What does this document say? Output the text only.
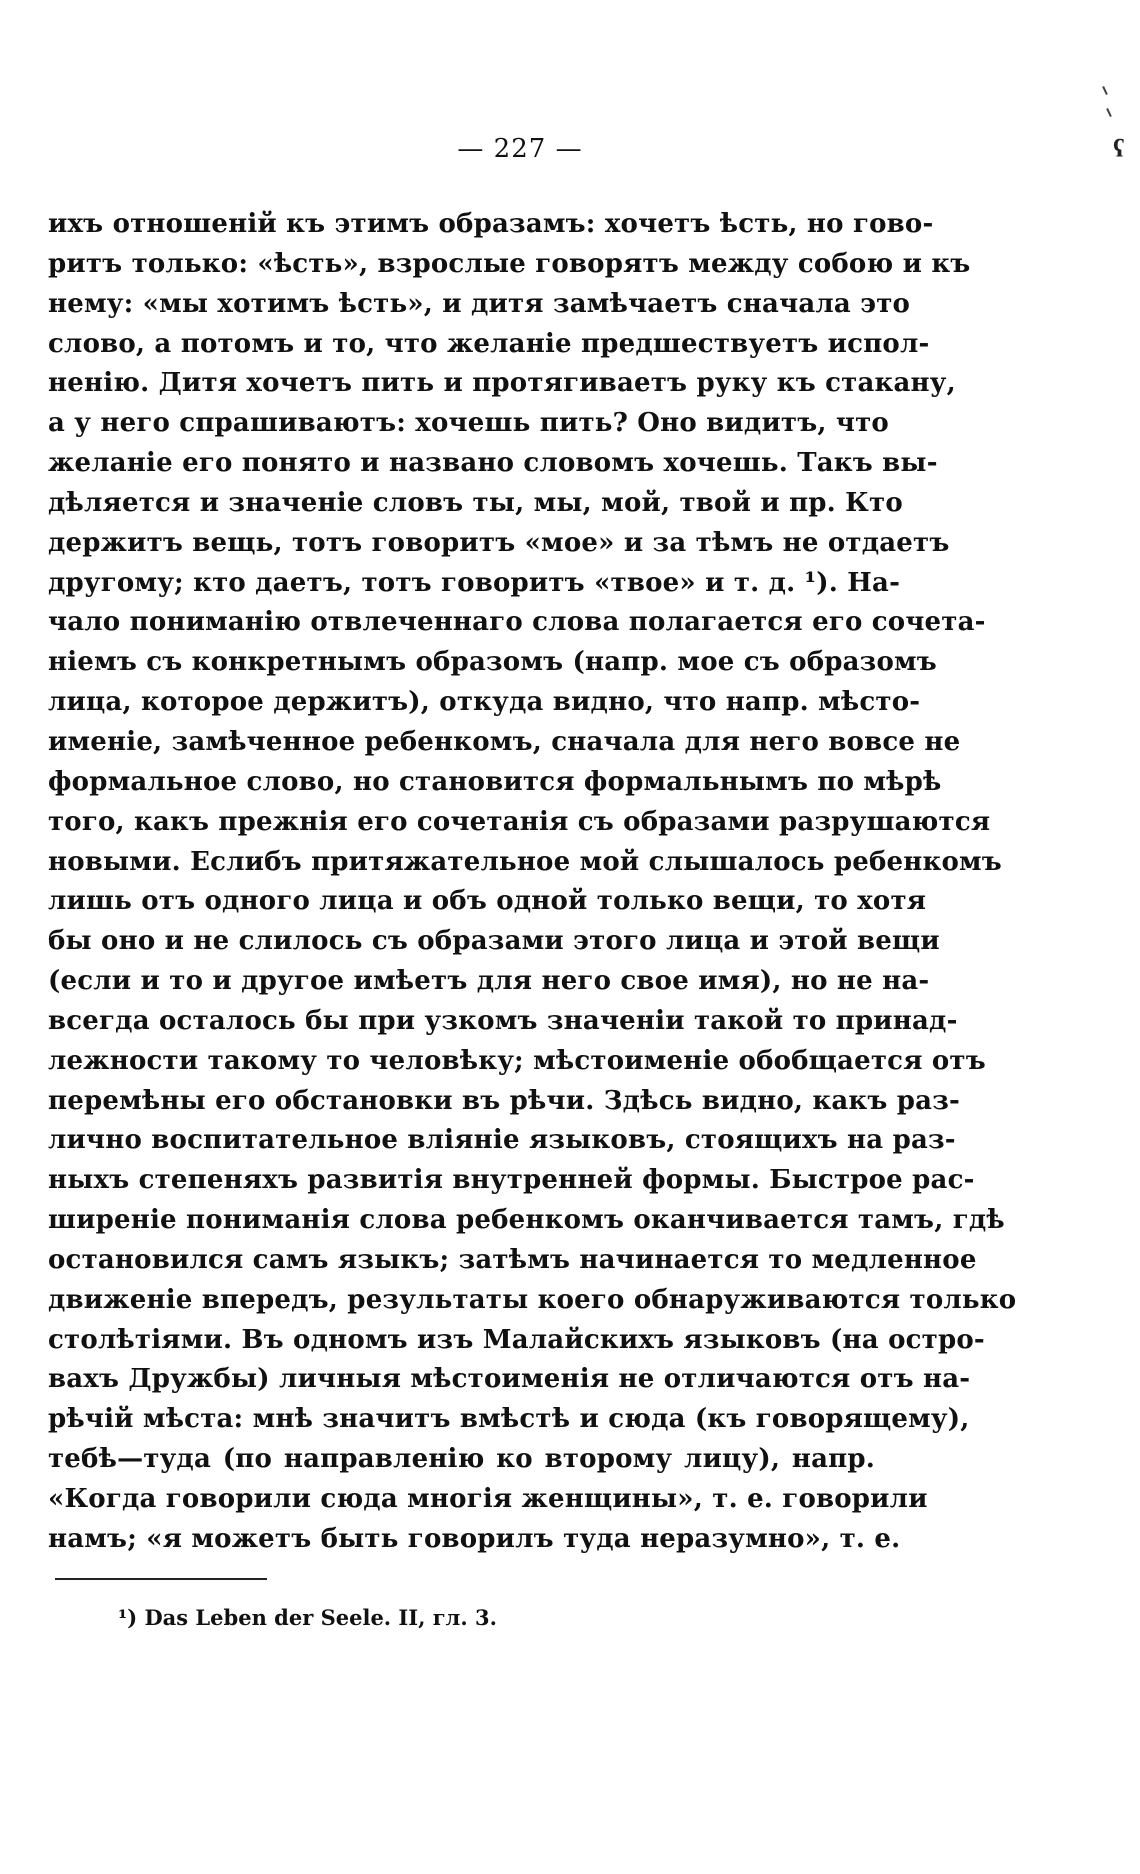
— 227 —	ҁ
ихъ отношенiй къ этимъ образамъ: хочетъ ѣсть, но гово-
ритъ только: «ѣсть», взрослые говорятъ между собою и къ
нему: «мы хотимъ ѣсть», и дитя замѣчаетъ сначала это
слово, а потомъ и то, что желанiе предшествуетъ испол-
ненiю. Дитя хочетъ пить и протягиваетъ руку къ стакану,
а у него спрашиваютъ: хочешь пить? Оно видитъ, что
желанiе его понято и названо словомъ хочешь. Такъ вы-
дѣляется и значенiе словъ ты, мы, мой, твой и пр. Кто
держитъ вещь, тотъ говоритъ «мое» и за тѣмъ не отдаетъ
другому; кто даетъ, тотъ говоритъ «твое» и т. д. ¹). На-
чало пониманiю отвлеченнаго слова полагается его сочета-
нiемъ съ конкретнымъ образомъ (напр. мое съ образомъ
лица, которое держитъ), откуда видно, что напр. мѣсто-
именiе, замѣченное ребенкомъ, сначала для него вовсе не
формальное слово, но становится формальнымъ по мѣрѣ
того, какъ прежнiя его сочетанiя съ образами разрушаются
новыми. Еслибъ притяжательное мой слышалось ребенкомъ
лишь отъ одного лица и объ одной только вещи, то хотя
бы оно и не слилось съ образами этого лица и этой вещи
(если и то и другое имѣетъ для него свое имя), но не на-
всегда осталось бы при узкомъ значенiи такой то принад-
лежности такому то человѣку; мѣстоименiе обобщается отъ
перемѣны его обстановки въ рѣчи. Здѣсь видно, какъ раз-
лично воспитательное влiянiе языковъ, стоящихъ на раз-
ныхъ степеняхъ развитiя внутренней формы. Быстрое рас-
ширенiе пониманiя слова ребенкомъ оканчивается тамъ, гдѣ
остановился самъ языкъ; затѣмъ начинается то медленное
движенiе впередъ, результаты коего обнаруживаются только
столѣтiями. Въ одномъ изъ Малайскихъ языковъ (на остро-
вахъ Дружбы) личныя мѣстоименiя не отличаются отъ на-
рѣчiй мѣста: мнѣ значитъ вмѣстѣ и сюда (къ говорящему),
тебѣ—туда (по направленiю ко второму лицу), напр.
«Когда говорили сюда многiя женщины», т. е. говорили
намъ; «я можетъ быть говорилъ туда неразумно», т. е.
¹) Das Leben der Seele. II, гл. 3.
